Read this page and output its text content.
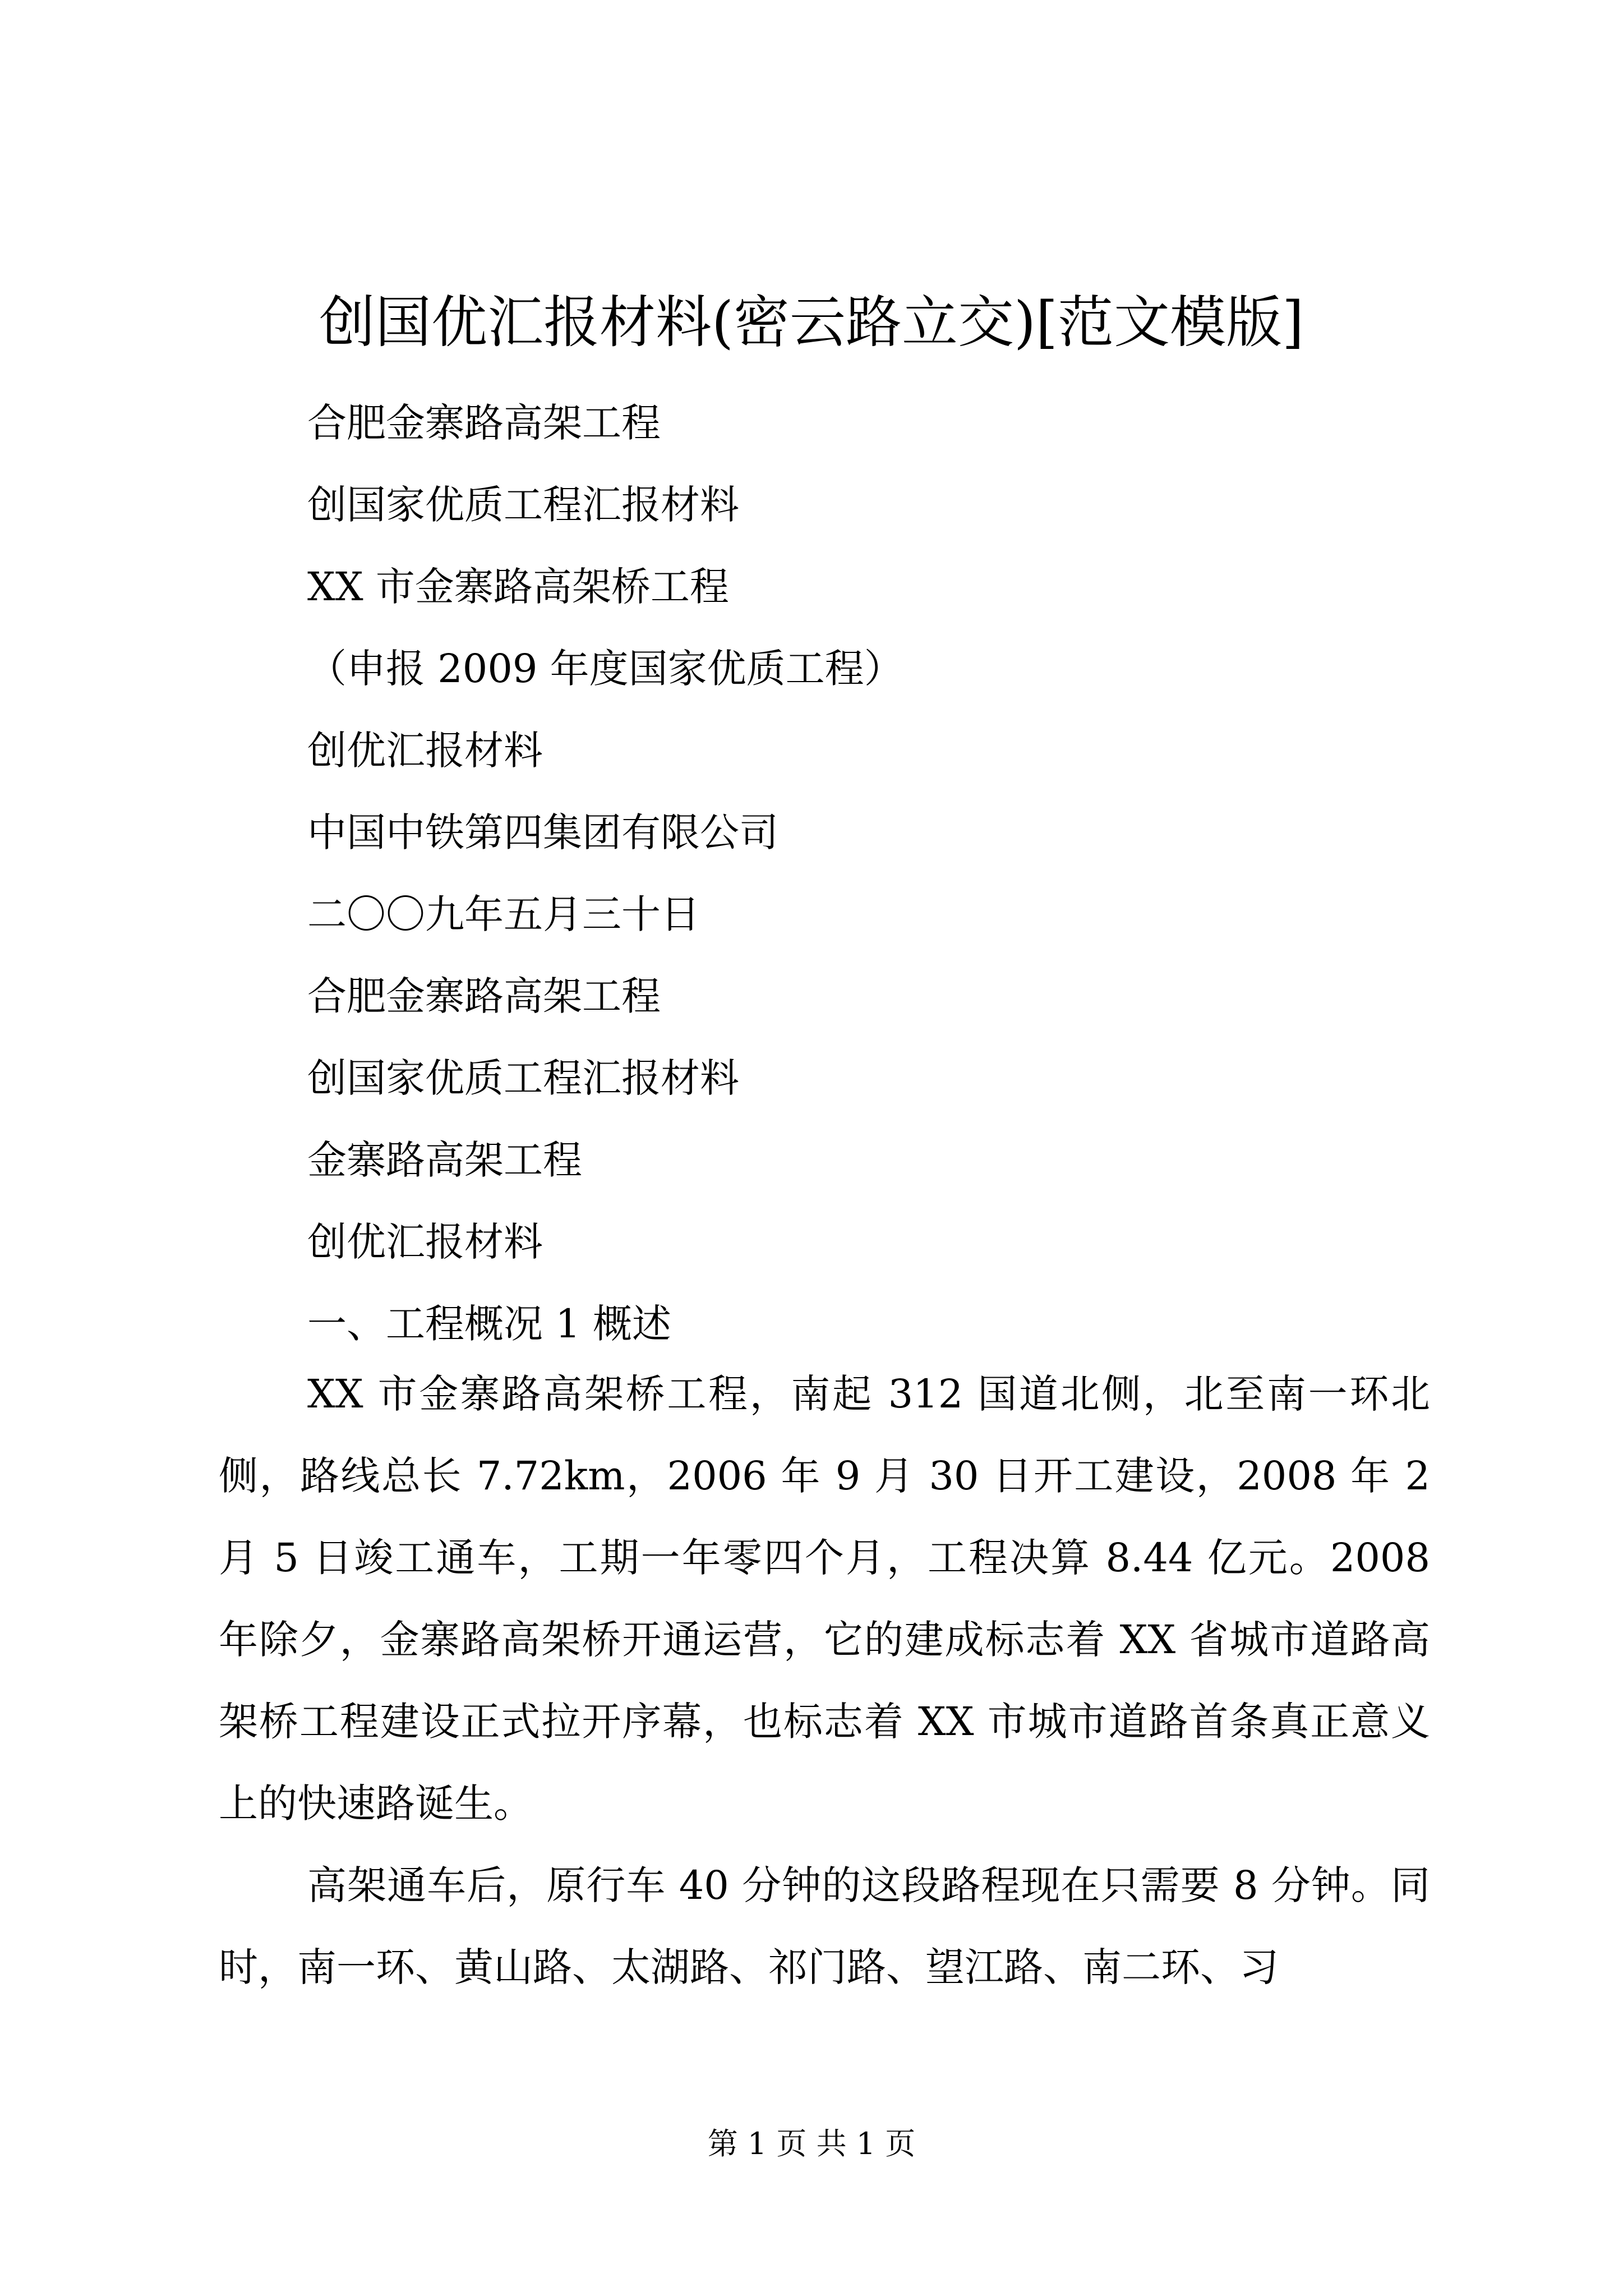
创国优汇报材料(密云路立交)[范文模版]
合肥金寨路高架工程
创国家优质工程汇报材料
XX 市金寨路高架桥工程
（申报 2009 年度国家优质工程）
创优汇报材料
中国中铁第四集团有限公司
二〇〇九年五月三十日
合肥金寨路高架工程
创国家优质工程汇报材料
金寨路高架工程
创优汇报材料
一、工程概况 1 概述

XX 市金寨路高架桥工程，南起 312 国道北侧，北至南一环北侧，路线总长 7.72km，2006 年 9 月 30 日开工建设，2008 年 2 月 5 日竣工通车，工期一年零四个月，工程决算 8.44 亿元。2008 年除夕，金寨路高架桥开通运营，它的建成标志着 XX 省城市道路高架桥工程建设正式拉开序幕，也标志着 XX 市城市道路首条真正意义上的快速路诞生。

高架通车后，原行车 40 分钟的这段路程现在只需要 8 分钟。同时，南一环、黄山路、太湖路、祁门路、望江路、南二环、习

第 1 页 共 1 页
